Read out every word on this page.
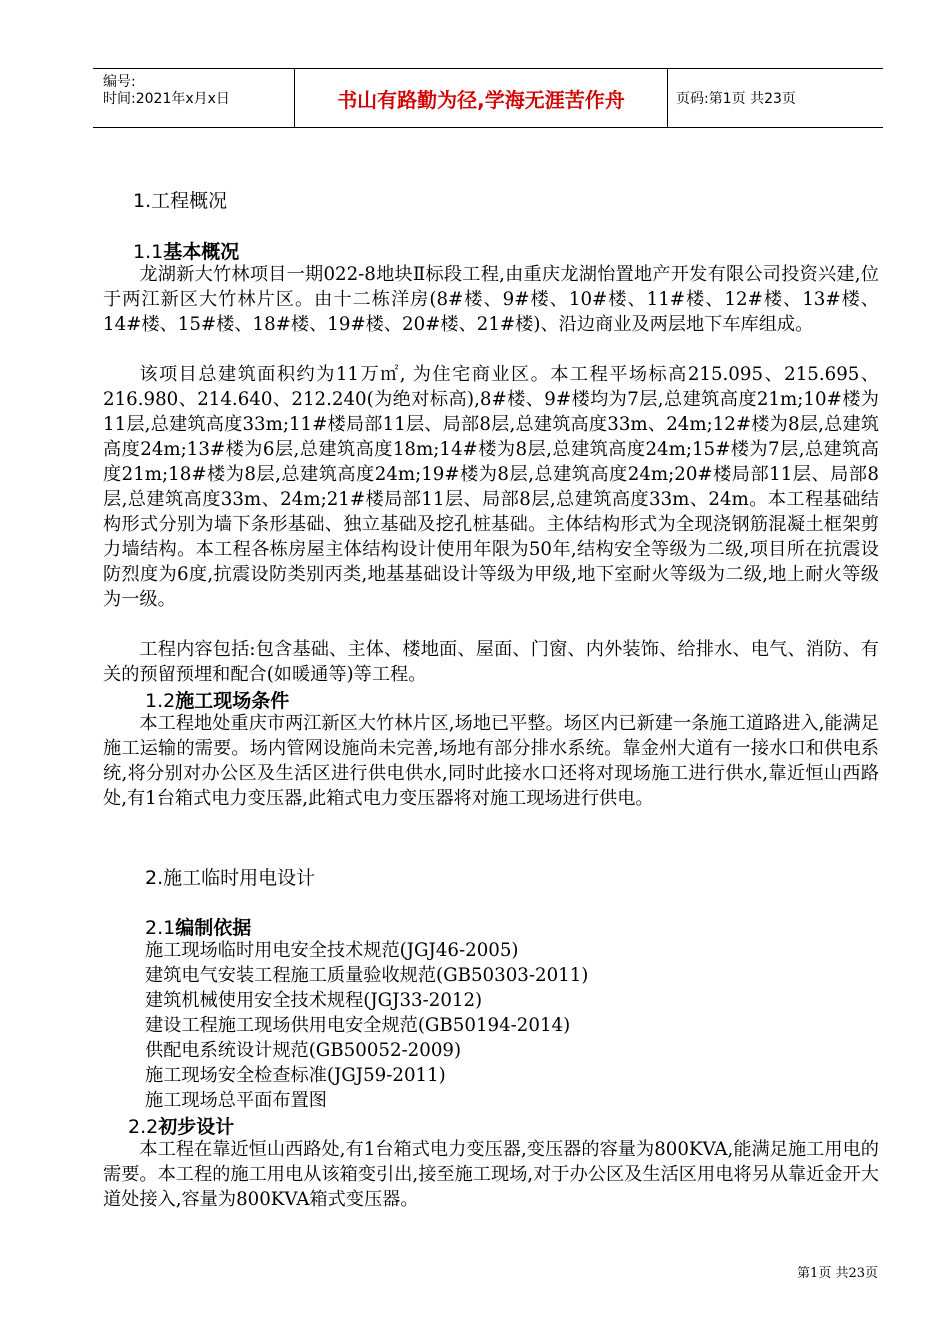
编号:
时间:2021年x月x日	书山有路勤为径,学海无涯苦作舟	页码:第1页 共23页
1.工程概况
1.1基本概况

龙湖新大竹林项目一期022-8地块Ⅱ标段工程,由重庆龙湖怡置地产开发有限公司投资兴建,位于两江新区大竹林片区。由十二栋洋房(8#楼、9#楼、10#楼、11#楼、12#楼、13#楼、14#楼、15#楼、18#楼、19#楼、20#楼、21#楼)、沿边商业及两层地下车库组成。

该项目总建筑面积约为11万㎡, 为住宅商业区。本工程平场标高215.095、215.695、216.980、214.640、212.240(为绝对标高),8#楼、9#楼均为7层,总建筑高度21m;10#楼为11层,总建筑高度33m;11#楼局部11层、局部8层,总建筑高度33m、24m;12#楼为8层,总建筑高度24m;13#楼为6层,总建筑高度18m;14#楼为8层,总建筑高度24m;15#楼为7层,总建筑高度21m;18#楼为8层,总建筑高度24m;19#楼为8层,总建筑高度24m;20#楼局部11层、局部8层,总建筑高度33m、24m;21#楼局部11层、局部8层,总建筑高度33m、24m。本工程基础结构形式分别为墙下条形基础、独立基础及挖孔桩基础。主体结构形式为全现浇钢筋混凝土框架剪力墙结构。本工程各栋房屋主体结构设计使用年限为50年,结构安全等级为二级,项目所在抗震设防烈度为6度,抗震设防类别丙类,地基基础设计等级为甲级,地下室耐火等级为二级,地上耐火等级为一级。

工程内容包括:包含基础、主体、楼地面、屋面、门窗、内外装饰、给排水、电气、消防、有关的预留预埋和配合(如暖通等)等工程。

1.2施工现场条件

本工程地处重庆市两江新区大竹林片区,场地已平整。场区内已新建一条施工道路进入,能满足施工运输的需要。场内管网设施尚未完善,场地有部分排水系统。靠金州大道有一接水口和供电系统,将分别对办公区及生活区进行供电供水,同时此接水口还将对现场施工进行供水,靠近恒山西路处,有1台箱式电力变压器,此箱式电力变压器将对施工现场进行供电。

2.施工临时用电设计
2.1编制依据

施工现场临时用电安全技术规范(JGJ46-2005)

建筑电气安装工程施工质量验收规范(GB50303-2011)

建筑机械使用安全技术规程(JGJ33-2012)

建设工程施工现场供用电安全规范(GB50194-2014)

供配电系统设计规范(GB50052-2009)

施工现场安全检查标准(JGJ59-2011)

施工现场总平面布置图

2.2初步设计

本工程在靠近恒山西路处,有1台箱式电力变压器,变压器的容量为800KVA,能满足施工用电的需要。本工程的施工用电从该箱变引出,接至施工现场,对于办公区及生活区用电将另从靠近金开大道处接入,容量为800KVA箱式变压器。

第1页 共23页
